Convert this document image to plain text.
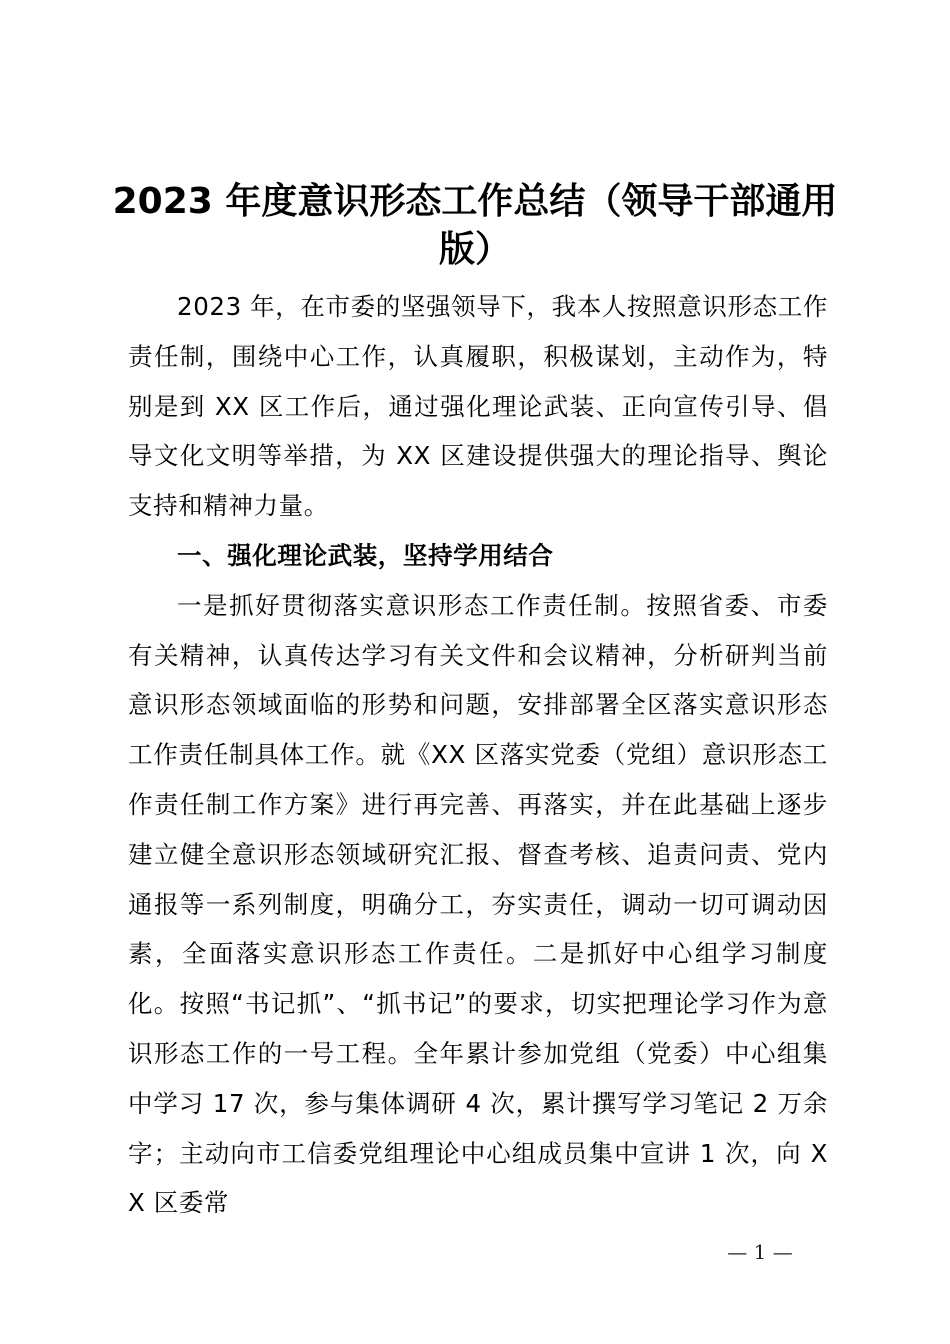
2023 年度意识形态工作总结（领导干部通用版）

2023 年，在市委的坚强领导下，我本人按照意识形态工作责任制，围绕中心工作，认真履职，积极谋划，主动作为，特别是到 XX 区工作后，通过强化理论武装、正向宣传引导、倡导文化文明等举措，为 XX 区建设提供强大的理论指导、舆论支持和精神力量。

一、强化理论武装，坚持学用结合

一是抓好贯彻落实意识形态工作责任制。按照省委、市委有关精神，认真传达学习有关文件和会议精神，分析研判当前意识形态领域面临的形势和问题，安排部署全区落实意识形态工作责任制具体工作。就《XX 区落实党委（党组）意识形态工作责任制工作方案》进行再完善、再落实，并在此基础上逐步建立健全意识形态领域研究汇报、督查考核、追责问责、党内通报等一系列制度，明确分工，夯实责任，调动一切可调动因素，全面落实意识形态工作责任。二是抓好中心组学习制度化。按照“书记抓”、“抓书记”的要求，切实把理论学习作为意识形态工作的一号工程。全年累计参加党组（党委）中心组集中学习 17 次，参与集体调研 4 次，累计撰写学习笔记 2 万余字；主动向市工信委党组理论中心组成员集中宣讲 1 次，向 XX 区委常

— 1 —
